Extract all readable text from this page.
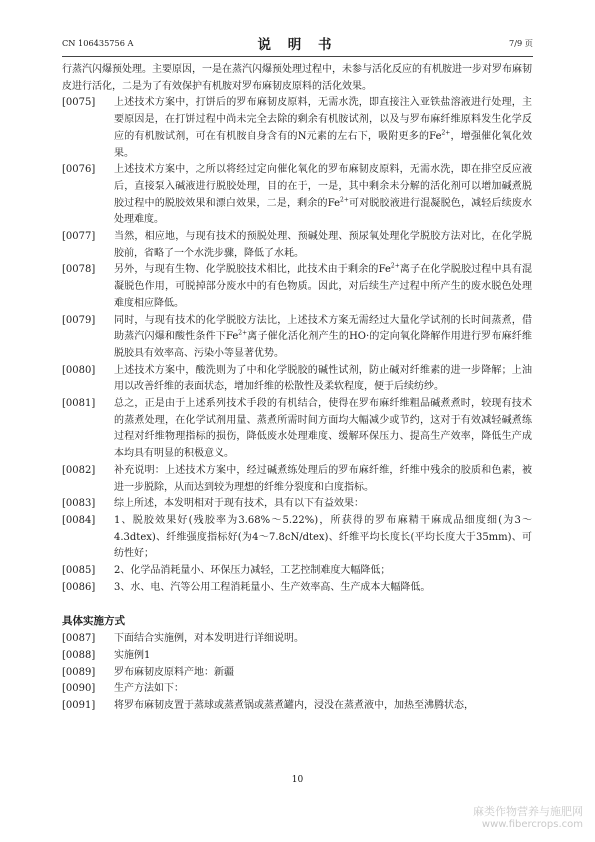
CN 106435756 A	说 明 书	7/9 页
行蒸汽闪爆预处理。主要原因，一是在蒸汽闪爆预处理过程中，未参与活化反应的有机胺进一步对罗布麻韧皮进行活化，二是为了有效保护有机胺对罗布麻韧皮原料的活化效果。
[0075]	上述技术方案中，打饼后的罗布麻韧皮原料，无需水洗，即直接注入亚铁盐溶液进行处理，主要原因是，在打饼过程中尚未完全去除的剩余有机胺试剂，以及与罗布麻纤维原料发生化学反应的有机胺试剂，可在有机胺自身含有的N元素的左右下，吸附更多的$Fe^{2+}$，增强催化氧化效果。
[0076]	上述技术方案中，之所以将经过定向催化氧化的罗布麻韧皮原料，无需水洗，即在排空反应液后，直接泵入碱液进行脱胶处理，目的在于，一是，其中剩余未分解的活化剂可以增加碱煮脱胶过程中的脱胶效果和漂白效果，二是，剩余的$Fe^{2+}$可对脱胶液进行混凝脱色，减轻后续废水处理难度。
[0077]	当然，相应地，与现有技术的预脱处理、预碱处理、预尿氧处理化学脱胶方法对比，在化学脱胶前，省略了一个水洗步骤，降低了水耗。
[0078]	另外，与现有生物、化学脱胶技术相比，此技术由于剩余的$Fe^{2+}$离子在化学脱胶过程中具有混凝脱色作用，可脱掉部分废水中的有色物质。因此，对后续生产过程中所产生的废水脱色处理难度相应降低。
[0079]	同时，与现有技术的化学脱胶方法比，上述技术方案无需经过大量化学试剂的长时间蒸煮，借助蒸汽闪爆和酸性条件下$Fe^{2+}$离子催化活化剂产生的HO·的定向氧化降解作用进行罗布麻纤维脱胶具有效率高、污染小等显著优势。
[0080]	上述技术方案中，酸洗则为了中和化学脱胶的碱性试剂，防止碱对纤维素的进一步降解；上油用以改善纤维的表面状态，增加纤维的松散性及柔软程度，便于后续纺纱。
[0081]	总之，正是由于上述系列技术手段的有机结合，使得在罗布麻纤维粗品碱煮煮时，较现有技术的蒸煮处理，在化学试剂用量、蒸煮所需时间方面均大幅减少或节约，这对于有效减轻碱煮练过程对纤维物理指标的损伤，降低废水处理难度、缓解环保压力、提高生产效率，降低生产成本均具有明显的积极意义。
[0082]	补充说明：上述技术方案中，经过碱煮练处理后的罗布麻纤维，纤维中残余的胶质和色素，被进一步脱除，从而达到较为理想的纤维分裂度和白度指标。
[0083]	综上所述，本发明相对于现有技术，具有以下有益效果：
[0084]	1、脱胶效果好(残胶率为3.68%～5.22%)，所获得的罗布麻精干麻成品细度细(为3～4.3dtex)、纤维强度指标好(为4～7.8cN/dtex)、纤维平均长度长(平均长度大于35mm)、可纺性好；
[0085]	2、化学品消耗量小、环保压力减轻，工艺控制难度大幅降低；
[0086]	3、水、电、汽等公用工程消耗量小、生产效率高、生产成本大幅降低。
具体实施方式
[0087]	下面结合实施例，对本发明进行详细说明。
[0088]	实施例1
[0089]	罗布麻韧皮原料产地：新疆
[0090]	生产方法如下：
[0091]	将罗布麻韧皮置于蒸球或蒸煮锅或蒸煮罐内，浸没在蒸煮液中，加热至沸腾状态，
10
麻类作物营养与施肥网
www.fibercrops.com
